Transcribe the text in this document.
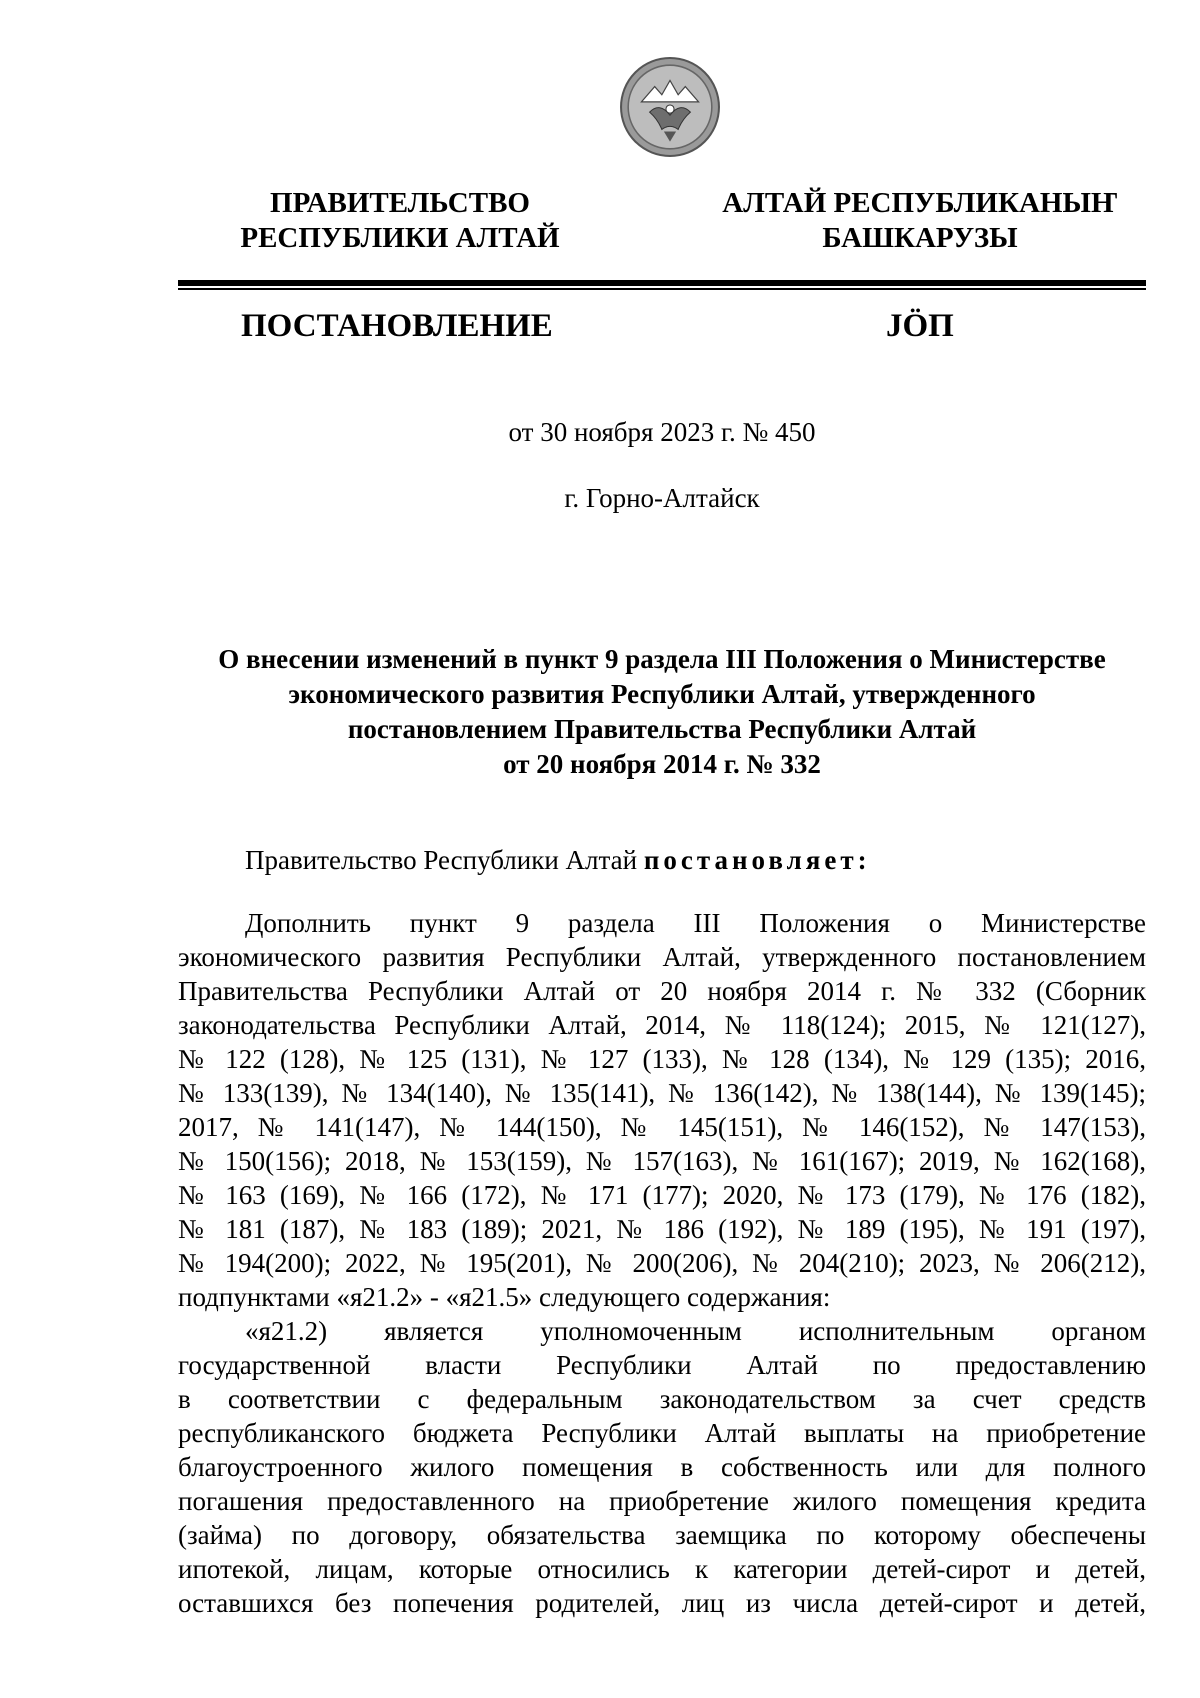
ПРАВИТЕЛЬСТВО
РЕСПУБЛИКИ АЛТАЙ
АЛТАЙ РЕСПУБЛИКАНЫҤ
БАШКАРУЗЫ
ПОСТАНОВЛЕНИЕ	JӦП
от 30 ноября 2023 г. № 450
г. Горно-Алтайск
О внесении изменений в пункт 9 раздела III Положения о Министерстве
экономического развития Республики Алтай, утвержденного
постановлением Правительства Республики Алтай
от 20 ноября 2014 г. № 332
Правительство Республики Алтай постановляет:
Дополнить пункт 9 раздела III Положения о Министерстве
экономического развития Республики Алтай, утвержденного постановлением
Правительства Республики Алтай от 20 ноября 2014 г. № 332 (Сборник
законодательства Республики Алтай, 2014, № 118(124); 2015, № 121(127),
№ 122 (128), № 125 (131), № 127 (133), № 128 (134), № 129 (135); 2016,
№ 133(139), № 134(140), № 135(141), № 136(142), № 138(144), № 139(145);
2017, № 141(147), № 144(150), № 145(151), № 146(152), № 147(153),
№ 150(156); 2018, № 153(159), № 157(163), № 161(167); 2019, № 162(168),
№ 163 (169), № 166 (172), № 171 (177); 2020, № 173 (179), № 176 (182),
№ 181 (187), № 183 (189); 2021, № 186 (192), № 189 (195), № 191 (197),
№ 194(200); 2022, № 195(201), № 200(206), № 204(210); 2023, № 206(212),
подпунктами «я21.2» - «я21.5» следующего содержания:
«я21.2) является уполномоченным исполнительным органом
государственной власти Республики Алтай по предоставлению
в соответствии с федеральным законодательством за счет средств
республиканского бюджета Республики Алтай выплаты на приобретение
благоустроенного жилого помещения в собственность или для полного
погашения предоставленного на приобретение жилого помещения кредита
(займа) по договору, обязательства заемщика по которому обеспечены
ипотекой, лицам, которые относились к категории детей-сирот и детей,
оставшихся без попечения родителей, лиц из числа детей-сирот и детей,
